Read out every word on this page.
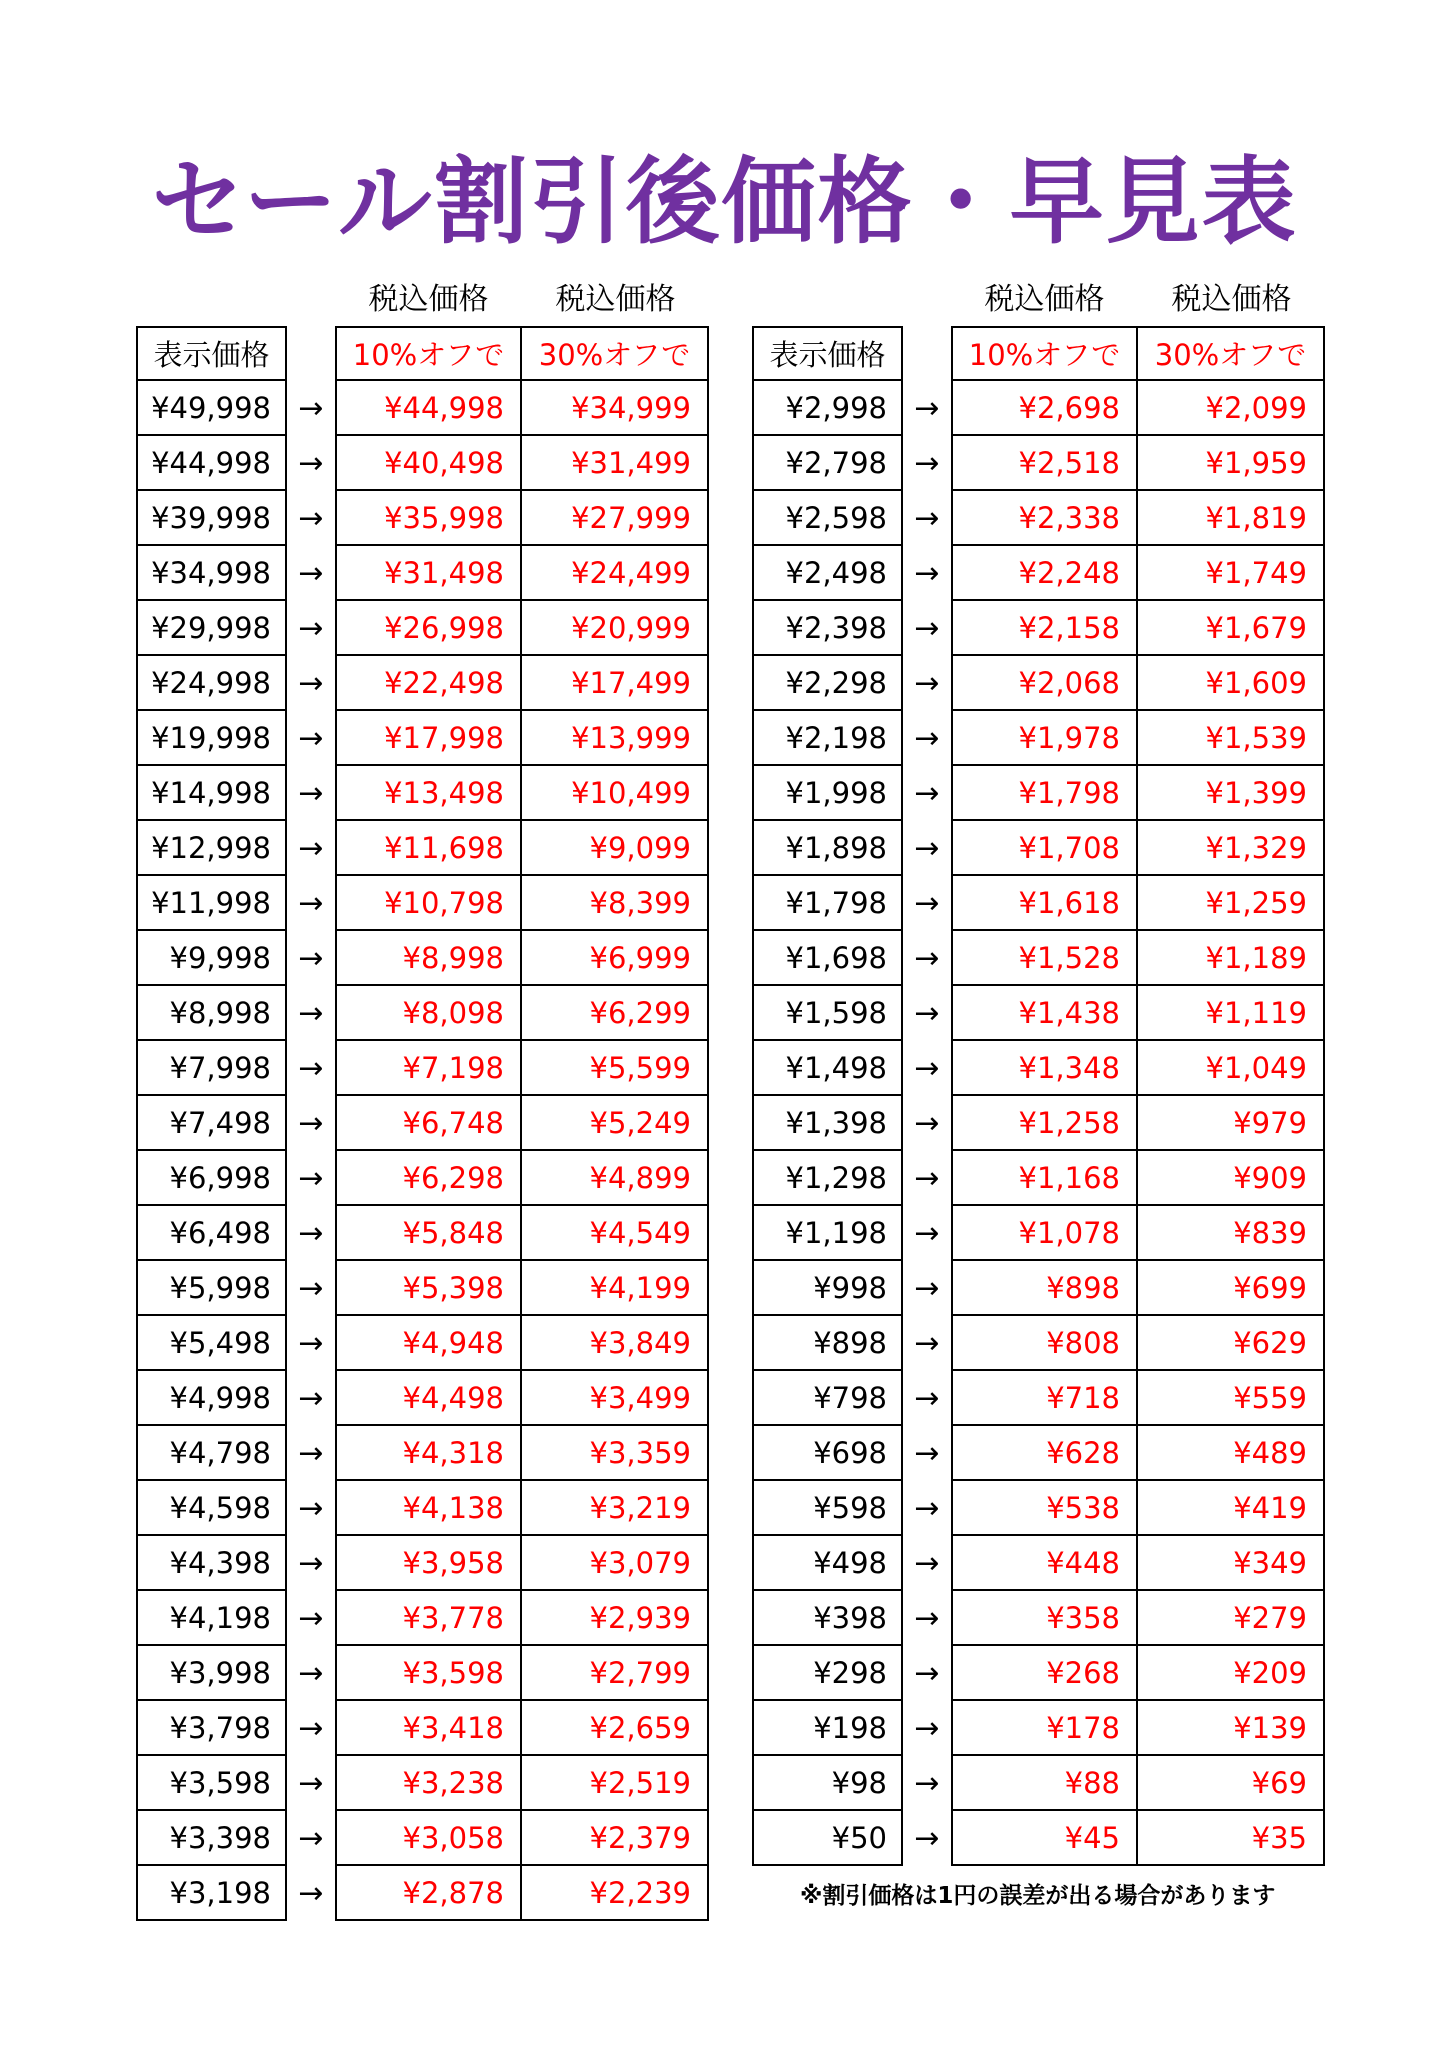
セール割引後価格・早見表
税込価格	税込価格	税込価格	税込価格
表示価格	10%オフで	30%オフで
¥49,998 →	¥44,998	¥34,999
¥44,998 →	¥40,498	¥31,499
¥39,998 →	¥35,998	¥27,999
¥34,998 →	¥31,498	¥24,499
¥29,998 →	¥26,998	¥20,999
¥24,998 →	¥22,498	¥17,499
¥19,998 →	¥17,998	¥13,999
¥14,998 →	¥13,498	¥10,499
¥12,998 →	¥11,698	¥9,099
¥11,998 →	¥10,798	¥8,399
¥9,998 →	¥8,998	¥6,999
¥8,998 →	¥8,098	¥6,299
¥7,998 →	¥7,198	¥5,599
¥7,498 →	¥6,748	¥5,249
¥6,998 →	¥6,298	¥4,899
¥6,498 →	¥5,848	¥4,549
¥5,998 →	¥5,398	¥4,199
¥5,498 →	¥4,948	¥3,849
¥4,998 →	¥4,498	¥3,499
¥4,798 →	¥4,318	¥3,359
¥4,598 →	¥4,138	¥3,219
¥4,398 →	¥3,958	¥3,079
¥4,198 →	¥3,778	¥2,939
¥3,998 →	¥3,598	¥2,799
¥3,798 →	¥3,418	¥2,659
¥3,598 →	¥3,238	¥2,519
¥3,398 →	¥3,058	¥2,379
¥3,198 →	¥2,878	¥2,239
表示価格	10%オフで	30%オフで
¥2,998 →	¥2,698	¥2,099
¥2,798 →	¥2,518	¥1,959
¥2,598 →	¥2,338	¥1,819
¥2,498 →	¥2,248	¥1,749
¥2,398 →	¥2,158	¥1,679
¥2,298 →	¥2,068	¥1,609
¥2,198 →	¥1,978	¥1,539
¥1,998 →	¥1,798	¥1,399
¥1,898 →	¥1,708	¥1,329
¥1,798 →	¥1,618	¥1,259
¥1,698 →	¥1,528	¥1,189
¥1,598 →	¥1,438	¥1,119
¥1,498 →	¥1,348	¥1,049
¥1,398 →	¥1,258	¥979
¥1,298 →	¥1,168	¥909
¥1,198 →	¥1,078	¥839
¥998 →	¥898	¥699
¥898 →	¥808	¥629
¥798 →	¥718	¥559
¥698 →	¥628	¥489
¥598 →	¥538	¥419
¥498 →	¥448	¥349
¥398 →	¥358	¥279
¥298 →	¥268	¥209
¥198 →	¥178	¥139
¥98 →	¥88	¥69
¥50 →	¥45	¥35
※割引価格は1円の誤差が出る場合があります
